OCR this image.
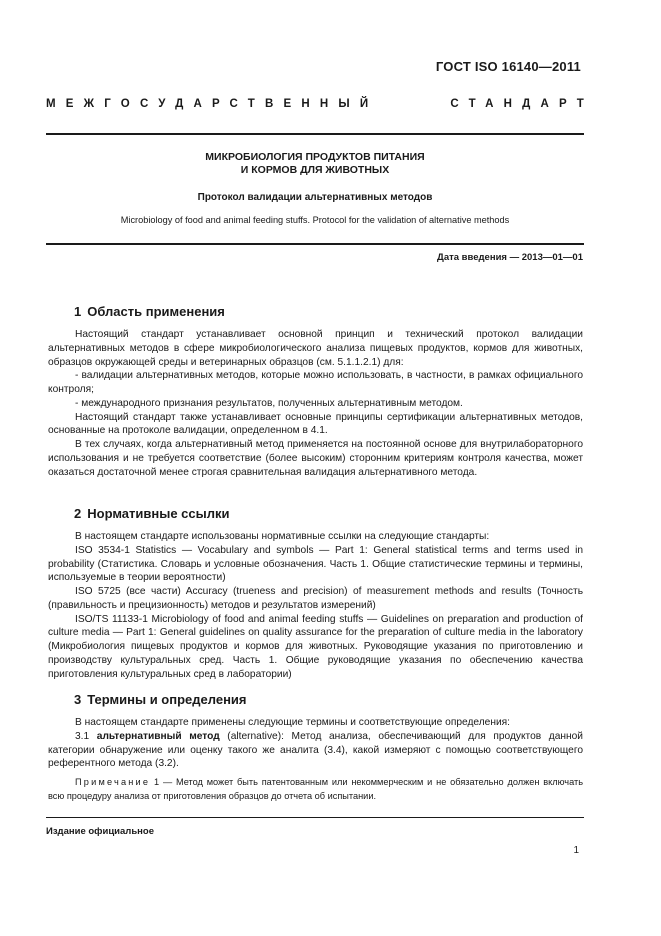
ГОСТ ISO 16140—2011
МЕЖГОСУДАРСТВЕННЫЙ	СТАНДАРТ
МИКРОБИОЛОГИЯ ПРОДУКТОВ ПИТАНИЯ
И КОРМОВ ДЛЯ ЖИВОТНЫХ
Протокол валидации альтернативных методов
Microbiology of food and animal feeding stuffs. Protocol for the validation of alternative methods
Дата введения — 2013—01—01
1 Область применения

Настоящий стандарт устанавливает основной принцип и технический протокол валидации альтернативных методов в сфере микробиологического анализа пищевых продуктов, кормов для животных, образцов окружающей среды и ветеринарных образцов (см. 5.1.1.2.1) для:

- валидации альтернативных методов, которые можно использовать, в частности, в рамках официального контроля;

- международного признания результатов, полученных альтернативным методом.

Настоящий стандарт также устанавливает основные принципы сертификации альтернативных методов, основанные на протоколе валидации, определенном в 4.1.

В тех случаях, когда альтернативный метод применяется на постоянной основе для внутрилабораторного использования и не требуется соответствие (более высоким) сторонним критериям контроля качества, может оказаться достаточной менее строгая сравнительная валидация альтернативного метода.

2 Нормативные ссылки

В настоящем стандарте использованы нормативные ссылки на следующие стандарты:

ISO 3534-1 Statistics — Vocabulary and symbols — Part 1: General statistical terms and terms used in probability (Статистика. Словарь и условные обозначения. Часть 1. Общие статистические термины и термины, используемые в теории вероятности)

ISO 5725 (все части) Accuracy (trueness and precision) of measurement methods and results (Точность (правильность и прецизионность) методов и результатов измерений)

ISO/TS 11133-1 Microbiology of food and animal feeding stuffs — Guidelines on preparation and production of culture media — Part 1: General guidelines on quality assurance for the preparation of culture media in the laboratory (Микробиология пищевых продуктов и кормов для животных. Руководящие указания по приготовлению и производству культуральных сред. Часть 1. Общие руководящие указания по обеспечению качества приготовления культуральных сред в лаборатории)

3 Термины и определения

В настоящем стандарте применены следующие термины и соответствующие определения:

3.1 альтернативный метод (alternative): Метод анализа, обеспечивающий для продуктов данной категории обнаружение или оценку такого же аналита (3.4), какой измеряют с помощью соответствующего референтного метода (3.2).

Примечание 1 — Метод может быть патентованным или некоммерческим и не обязательно должен включать всю процедуру анализа от приготовления образцов до отчета об испытании.
Издание официальное
1
